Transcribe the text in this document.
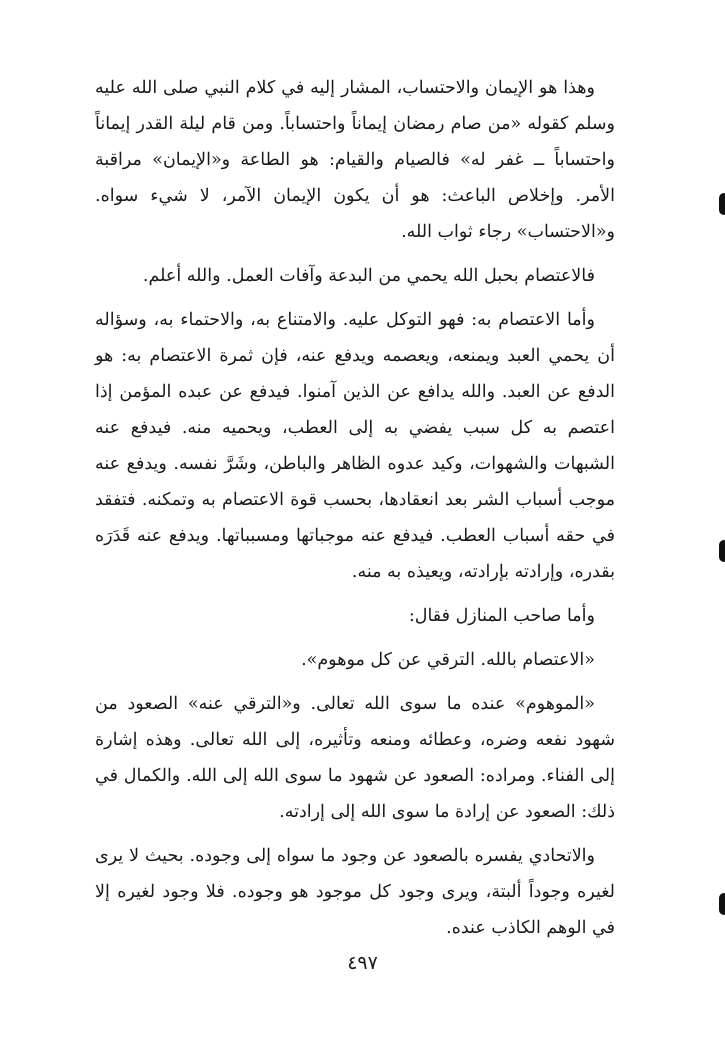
وهذا هو الإيمان والاحتساب، المشار إليه في كلام النبي صلى الله عليه وسلم كقوله «من صام رمضان إيماناً واحتساباً. ومن قام ليلة القدر إيماناً واحتساباً ــ غفر له» فالصيام والقيام: هو الطاعة و«الإيمان» مراقبة الأمر. وإخلاص الباعث: هو أن يكون الإيمان الآمر، لا شيء سواه. و«الاحتساب» رجاء ثواب الله.

فالاعتصام بحبل الله يحمي من البدعة وآفات العمل. والله أعلم.

وأما الاعتصام به: فهو التوكل عليه. والامتناع به، والاحتماء به، وسؤاله أن يحمي العبد ويمنعه، ويعصمه ويدفع عنه، فإن ثمرة الاعتصام به: هو الدفع عن العبد. والله يدافع عن الذين آمنوا. فيدفع عن عبده المؤمن إذا اعتصم به كل سبب يفضي به إلى العطب، ويحميه منه. فيدفع عنه الشبهات والشهوات، وكيد عدوه الظاهر والباطن، وشَرَّ نفسه. ويدفع عنه موجب أسباب الشر بعد انعقادها، بحسب قوة الاعتصام به وتمكنه. فتفقد في حقه أسباب العطب. فيدفع عنه موجباتها ومسبباتها. ويدفع عنه قَدَرَه بقدره، وإرادته بإرادته، ويعيذه به منه.

وأما صاحب المنازل فقال:

«الاعتصام بالله. الترقي عن كل موهوم».

«الموهوم» عنده ما سوى الله تعالى. و«الترقي عنه» الصعود من شهود نفعه وضره، وعطائه ومنعه وتأثيره، إلى الله تعالى. وهذه إشارة إلى الفناء. ومراده: الصعود عن شهود ما سوى الله إلى الله. والكمال في ذلك: الصعود عن إرادة ما سوى الله إلى إرادته.

والاتحادي يفسره بالصعود عن وجود ما سواه إلى وجوده. بحيث لا يرى لغيره وجوداً ألبتة، ويرى وجود كل موجود هو وجوده. فلا وجود لغيره إلا في الوهم الكاذب عنده.

٤٩٧
